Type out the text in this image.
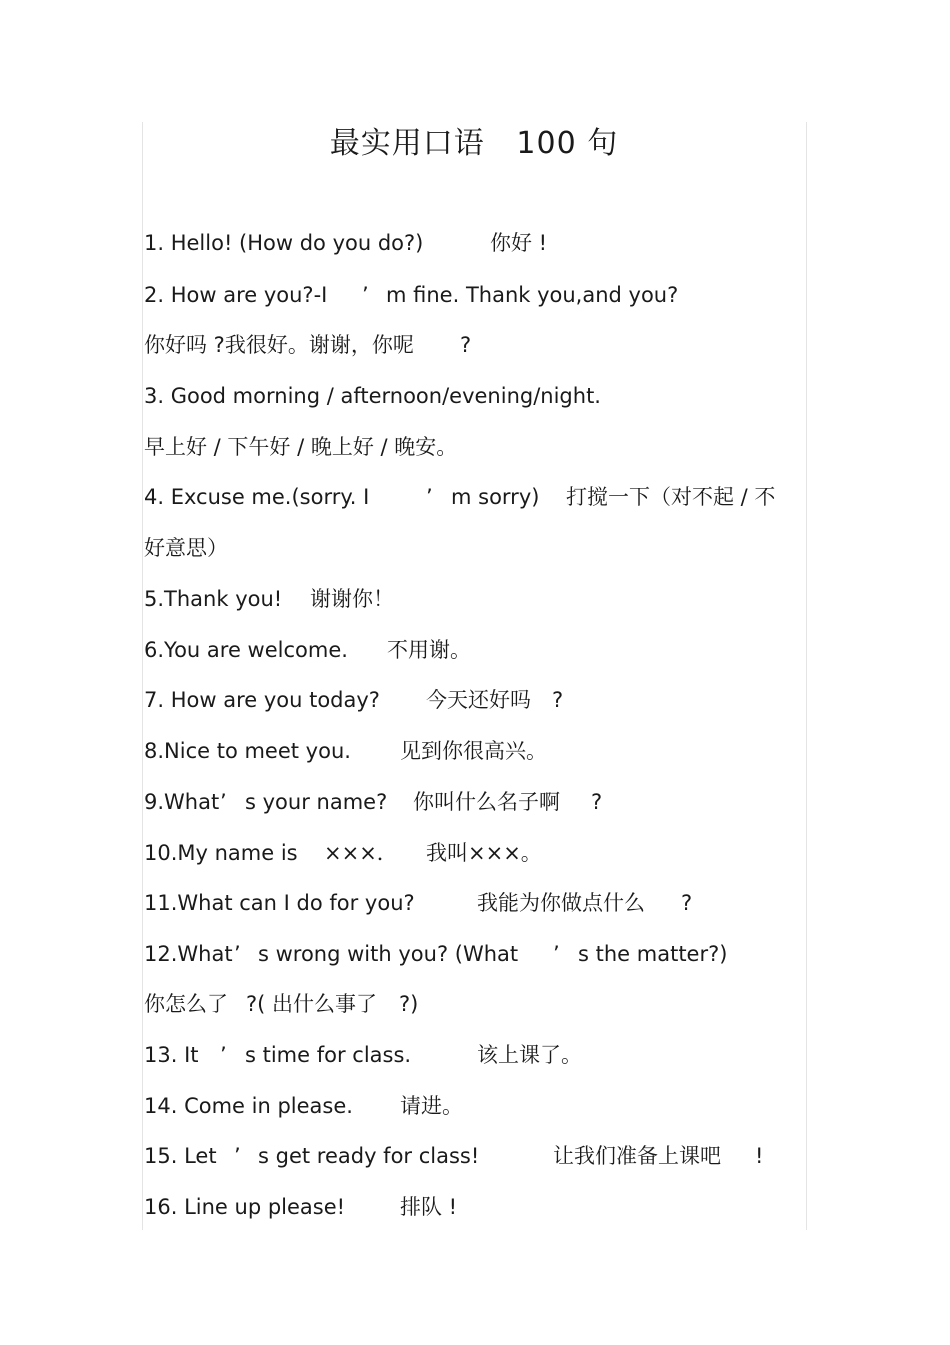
最实用口语   100 句
1. Hello! (How do you do?)	你好 !
2. How are you?-I ’ m fine. Thank you,and you?
你好吗 ?我很好。谢谢，你呢 ?
3. Good morning / afternoon/evening/night.
早上好 / 下午好 / 晚上好 / 晚安。
4. Excuse me.(sorry. I	’ m sorry) 打搅一下（对不起 / 不
好意思）
5.Thank you! 谢谢你！
6.You are welcome. 不用谢。
7. How are you today? 今天还好吗 ?
8.Nice to meet you. 见到你很高兴。
9.What ’ s your name? 你叫什么名子啊 ?
10.My name is ×××． 我叫×××。
11.What can I do for you?	我能为你做点什么 ?
12.What ’ s wrong with you? (What ’ s the matter?)
你怎么了 ?( 出什么事了 ?)
13. It ’ s time for class.	该上课了。
14. Come in please. 请进。
15. Let ’ s get ready for class!	让我们准备上课吧 !
16. Line up please!	排队 !
